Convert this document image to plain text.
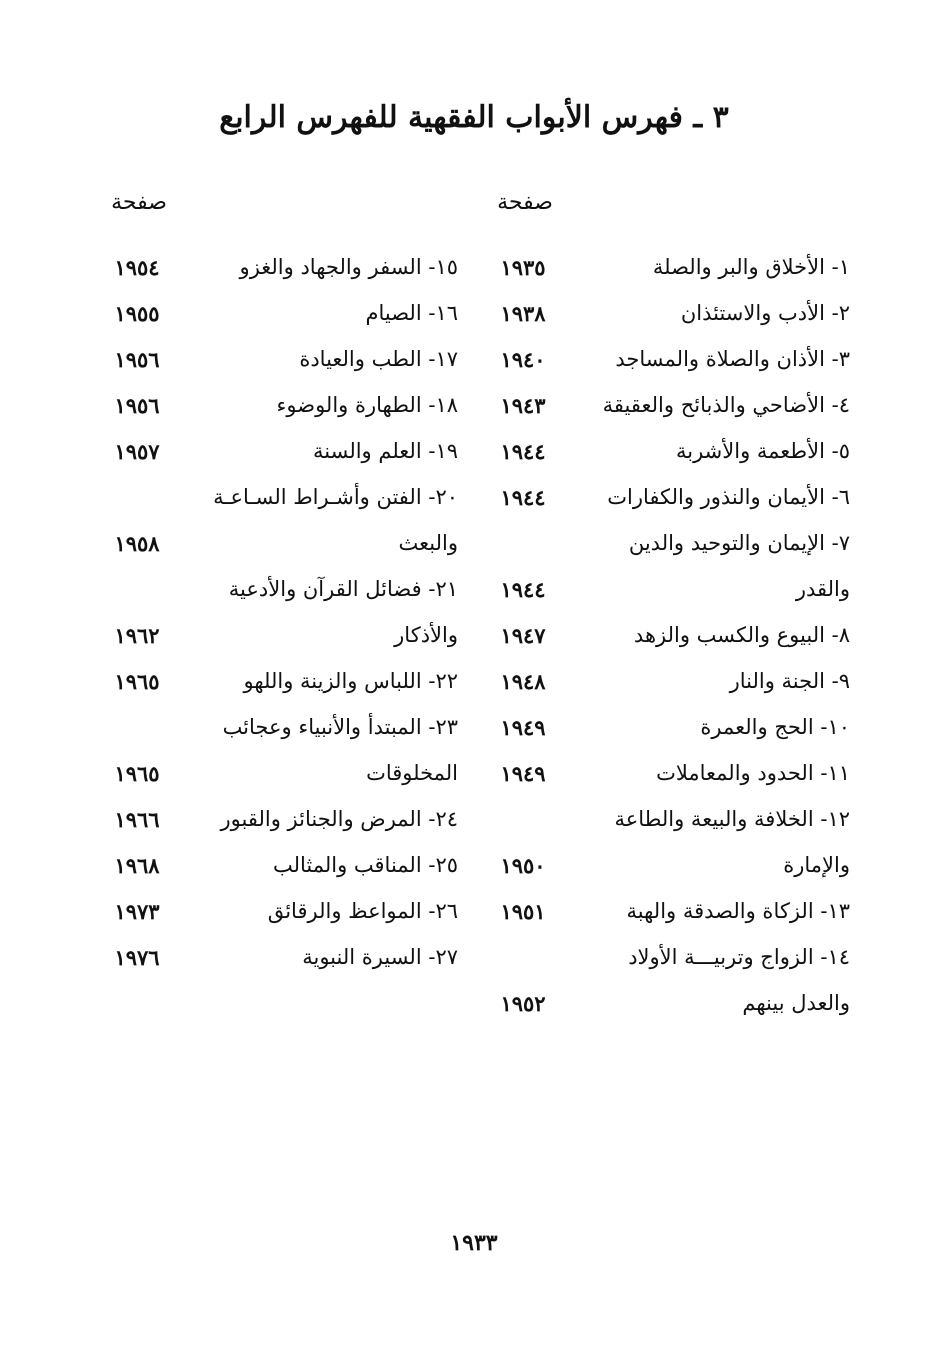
٣ ـ فهرس الأبواب الفقهية للفهرس الرابع
صفحة
١- الأخلاق والبر والصلة
١٩٣٥
٢- الأدب والاستئذان
١٩٣٨
٣- الأذان والصلاة والمساجد
١٩٤٠
٤- الأضاحي والذبائح والعقيقة
١٩٤٣
٥- الأطعمة والأشربة
١٩٤٤
٦- الأيمان والنذور والكفارات
١٩٤٤
٧- الإيمان والتوحيد والدين
والقدر
١٩٤٤
٨- البيوع والكسب والزهد
١٩٤٧
٩- الجنة والنار
١٩٤٨
١٠- الحج والعمرة
١٩٤٩
١١- الحدود والمعاملات
١٩٤٩
١٢- الخلافة والبيعة والطاعة
والإمارة
١٩٥٠
١٣- الزكاة والصدقة والهبة
١٩٥١
١٤- الزواج وتربيـــة الأولاد
والعدل بينهم
١٩٥٢
صفحة
١٥- السفر والجهاد والغزو
١٩٥٤
١٦- الصيام
١٩٥٥
١٧- الطب والعيادة
١٩٥٦
١٨- الطهارة والوضوء
١٩٥٦
١٩- العلم والسنة
١٩٥٧
٢٠- الفتن وأشـراط السـاعـة
والبعث
١٩٥٨
٢١- فضائل القرآن والأدعية
والأذكار
١٩٦٢
٢٢- اللباس والزينة واللهو
١٩٦٥
٢٣- المبتدأ والأنبياء وعجائب
المخلوقات
١٩٦٥
٢٤- المرض والجنائز والقبور
١٩٦٦
٢٥- المناقب والمثالب
١٩٦٨
٢٦- المواعظ والرقائق
١٩٧٣
٢٧- السيرة النبوية
١٩٧٦
١٩٣٣
